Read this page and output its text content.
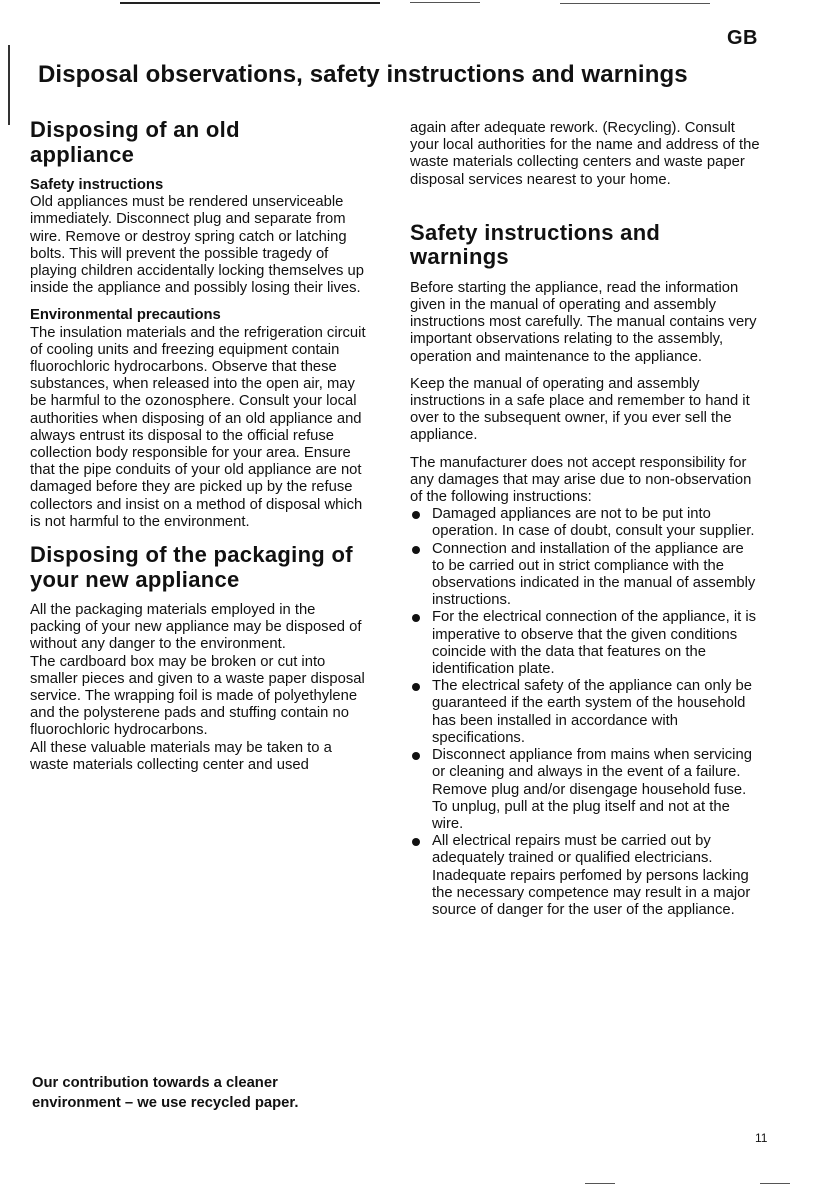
GB
Disposal observations, safety instructions and warnings
Disposing of an old appliance
Safety instructions

Old appliances must be rendered unserviceable immediately. Disconnect plug and separate from wire. Remove or destroy spring catch or latching bolts. This will prevent the possible tragedy of playing children accidentally locking themselves up inside the appliance and possibly losing their lives.

Environmental precautions

The insulation materials and the refrigeration circuit of cooling units and freezing equipment contain fluorochloric hydrocarbons. Observe that these substances, when released into the open air, may be harmful to the ozonosphere. Consult your local authorities when disposing of an old appliance and always entrust its disposal to the official refuse collection body responsible for your area. Ensure that the pipe conduits of your old appliance are not damaged before they are picked up by the refuse collectors and insist on a method of disposal which is not harmful to the environment.

Disposing of the packaging of your new appliance

All the packaging materials employed in the packing of your new appliance may be disposed of without any danger to the environment.

The cardboard box may be broken or cut into smaller pieces and given to a waste paper disposal service. The wrapping foil is made of polyethylene and the polysterene pads and stuffing contain no fluorochloric hydrocarbons.

All these valuable materials may be taken to a waste materials collecting center and used

again after adequate rework. (Recycling). Consult your local authorities for the name and address of the waste materials collecting centers and waste paper disposal services nearest to your home.

Safety instructions and warnings

Before starting the appliance, read the information given in the manual of operating and assembly instructions most carefully. The manual contains very important observations relating to the assembly, operation and maintenance to the appliance.

Keep the manual of operating and assembly instructions in a safe place and remember to hand it over to the subsequent owner, if you ever sell the appliance.

The manufacturer does not accept responsibility for any damages that may arise due to non-observation of the following instructions:

Damaged appliances are not to be put into operation. In case of doubt, consult your supplier.
Connection and installation of the appliance are to be carried out in strict compliance with the observations indicated in the manual of assembly instructions.
For the electrical connection of the appliance, it is imperative to observe that the given conditions coincide with the data that features on the identification plate.
The electrical safety of the appliance can only be guaranteed if the earth system of the household has been installed in accordance with specifications.
Disconnect appliance from mains when servicing or cleaning and always in the event of a failure. Remove plug and/or disengage household fuse. To unplug, pull at the plug itself and not at the wire.
All electrical repairs must be carried out by adequately trained or qualified electricians. Inadequate repairs perfomed by persons lacking the necessary competence may result in a major source of danger for the user of the appliance.
Our contribution towards a cleaner
environment – we use recycled paper.
11
